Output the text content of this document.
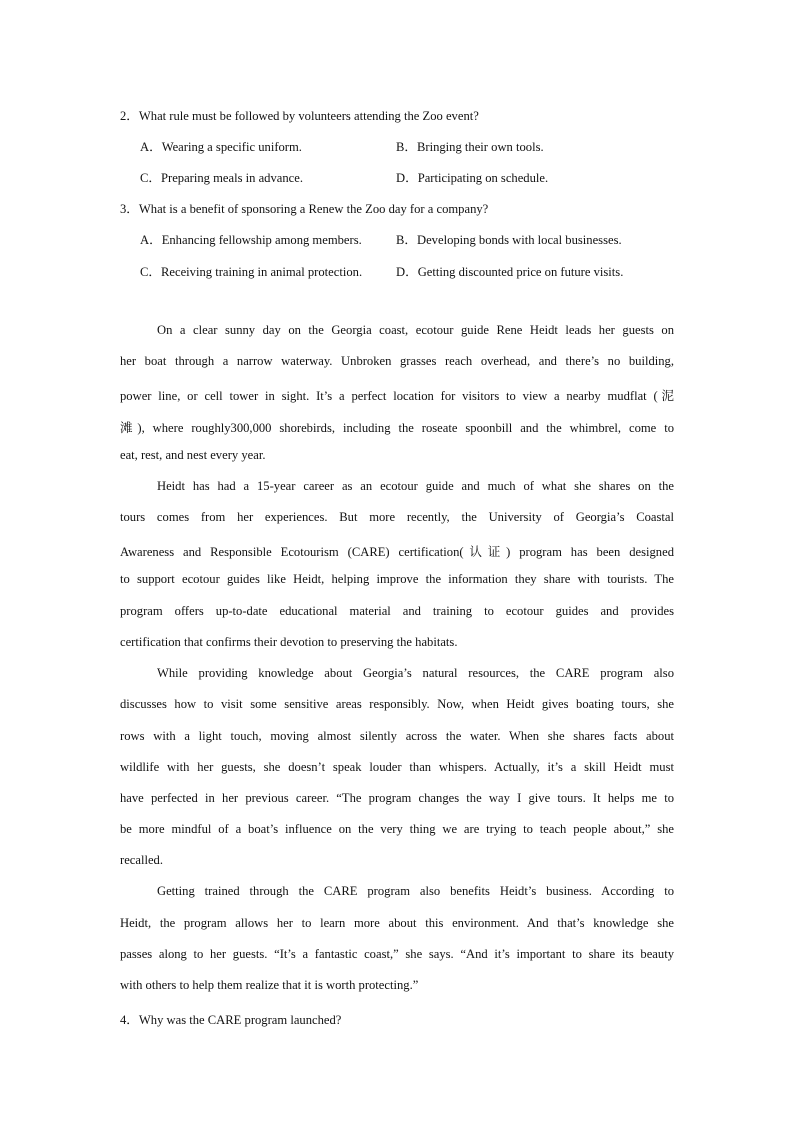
2．What rule must be followed by volunteers attending the Zoo event?
A．Wearing a specific uniform.	B．Bringing their own tools.
C．Preparing meals in advance.	D．Participating on schedule.
3．What is a benefit of sponsoring a Renew the Zoo day for a company?
A．Enhancing fellowship among members.	B．Developing bonds with local businesses.
C．Receiving training in animal protection.	D．Getting discounted price on future visits.
On a clear sunny day on the Georgia coast, ecotour guide Rene Heidt leads her guests on
her boat through a narrow waterway. Unbroken grasses reach overhead, and there’s no building,
power line, or cell tower in sight. It’s a perfect location for visitors to view a nearby mudflat (泥
滩), where roughly300,000 shorebirds, including the roseate spoonbill and the whimbrel, come to
eat, rest, and nest every year.
Heidt has had a 15-year career as an ecotour guide and much of what she shares on the
tours comes from her experiences. But more recently, the University of Georgia’s Coastal
Awareness and Responsible Ecotourism (CARE) certification(认证) program has been designed
to support ecotour guides like Heidt, helping improve the information they share with tourists. The
program offers up-to-date educational material and training to ecotour guides and provides
certification that confirms their devotion to preserving the habitats.
While providing knowledge about Georgia’s natural resources, the CARE program also
discusses how to visit some sensitive areas responsibly. Now, when Heidt gives boating tours, she
rows with a light touch, moving almost silently across the water. When she shares facts about
wildlife with her guests, she doesn’t speak louder than whispers. Actually, it’s a skill Heidt must
have perfected in her previous career. “The program changes the way I give tours. It helps me to
be more mindful of a boat’s influence on the very thing we are trying to teach people about,” she
recalled.
Getting trained through the CARE program also benefits Heidt’s business. According to
Heidt, the program allows her to learn more about this environment. And that’s knowledge she
passes along to her guests. “It’s a fantastic coast,” she says. “And it’s important to share its beauty
with others to help them realize that it is worth protecting.”
4．Why was the CARE program launched?
